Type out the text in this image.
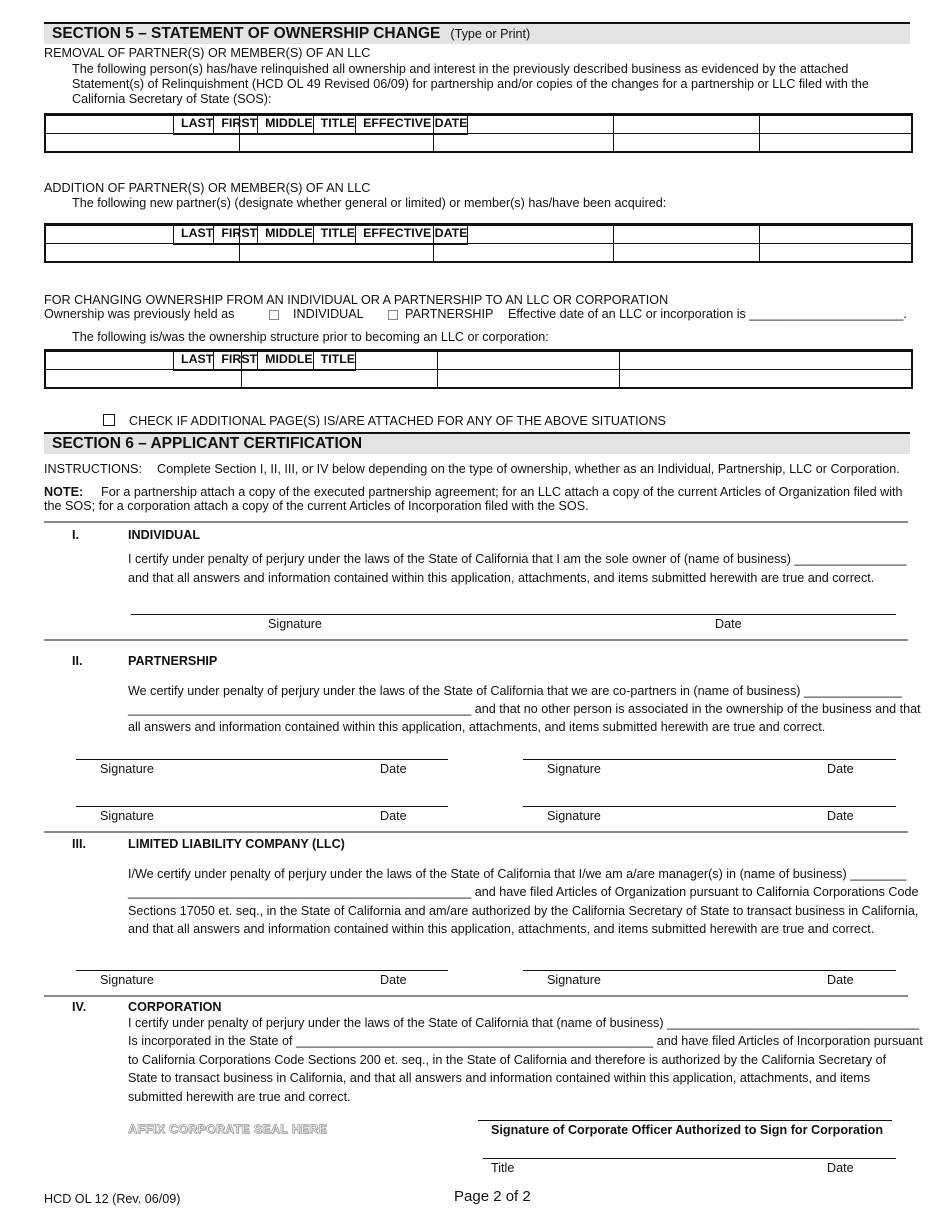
SECTION 5 – STATEMENT OF OWNERSHIP CHANGE (Type or Print)
REMOVAL OF PARTNER(S) OR MEMBER(S) OF AN LLC
The following person(s) has/have relinquished all ownership and interest in the previously described business as evidenced by the attached
Statement(s) of Relinquishment (HCD OL 49 Revised 06/09) for partnership and/or copies of the changes for a partnership or LLC filed with the
California Secretary of State (SOS):
LAST	FIRST	MIDDLE	TITLE	EFFECTIVE DATE

ADDITION OF PARTNER(S) OR MEMBER(S) OF AN LLC
The following new partner(s) (designate whether general or limited) or member(s) has/have been acquired:
LAST	FIRST	MIDDLE	TITLE	EFFECTIVE DATE

FOR CHANGING OWNERSHIP FROM AN INDIVIDUAL OR A PARTNERSHIP TO AN LLC OR CORPORATION
Ownership was previously held as	INDIVIDUAL	PARTNERSHIP Effective date of an LLC or incorporation is ______________________.
The following is/was the ownership structure prior to becoming an LLC or corporation:
LAST	FIRST	MIDDLE	TITLE

CHECK IF ADDITIONAL PAGE(S) IS/ARE ATTACHED FOR ANY OF THE ABOVE SITUATIONS
SECTION 6 – APPLICANT CERTIFICATION
INSTRUCTIONS: Complete Section I, II, III, or IV below depending on the type of ownership, whether as an Individual, Partnership, LLC or Corporation.
NOTE: For a partnership attach a copy of the executed partnership agreement; for an LLC attach a copy of the current Articles of Organization filed with
the SOS; for a corporation attach a copy of the current Articles of Incorporation filed with the SOS.
I.	INDIVIDUAL
I certify under penalty of perjury under the laws of the State of California that I am the sole owner of (name of business) ________________
and that all answers and information contained within this application, attachments, and items submitted herewith are true and correct.
Signature	Date
II.	PARTNERSHIP
We certify under penalty of perjury under the laws of the State of California that we are co-partners in (name of business) ______________
_________________________________________________ and that no other person is associated in the ownership of the business and that
all answers and information contained within this application, attachments, and items submitted herewith are true and correct.
Signature	Date	Signature	Date
Signature	Date	Signature	Date
III.	LIMITED LIABILITY COMPANY (LLC)
I/We certify under penalty of perjury under the laws of the State of California that I/we am a/are manager(s) in (name of business) ________
_________________________________________________ and have filed Articles of Organization pursuant to California Corporations Code
Sections 17050 et. seq., in the State of California and am/are authorized by the California Secretary of State to transact business in California,
and that all answers and information contained within this application, attachments, and items submitted herewith are true and correct.
Signature	Date	Signature	Date
IV.	CORPORATION
I certify under penalty of perjury under the laws of the State of California that (name of business) ____________________________________
Is incorporated in the State of ___________________________________________________ and have filed Articles of Incorporation pursuant
to California Corporations Code Sections 200 et. seq., in the State of California and therefore is authorized by the California Secretary of
State to transact business in California, and that all answers and information contained within this application, attachments, and items
submitted herewith are true and correct.
AFFIX CORPORATE SEAL HERE	Signature of Corporate Officer Authorized to Sign for Corporation
Title	Date
HCD OL 12 (Rev. 06/09)	Page 2 of 2
